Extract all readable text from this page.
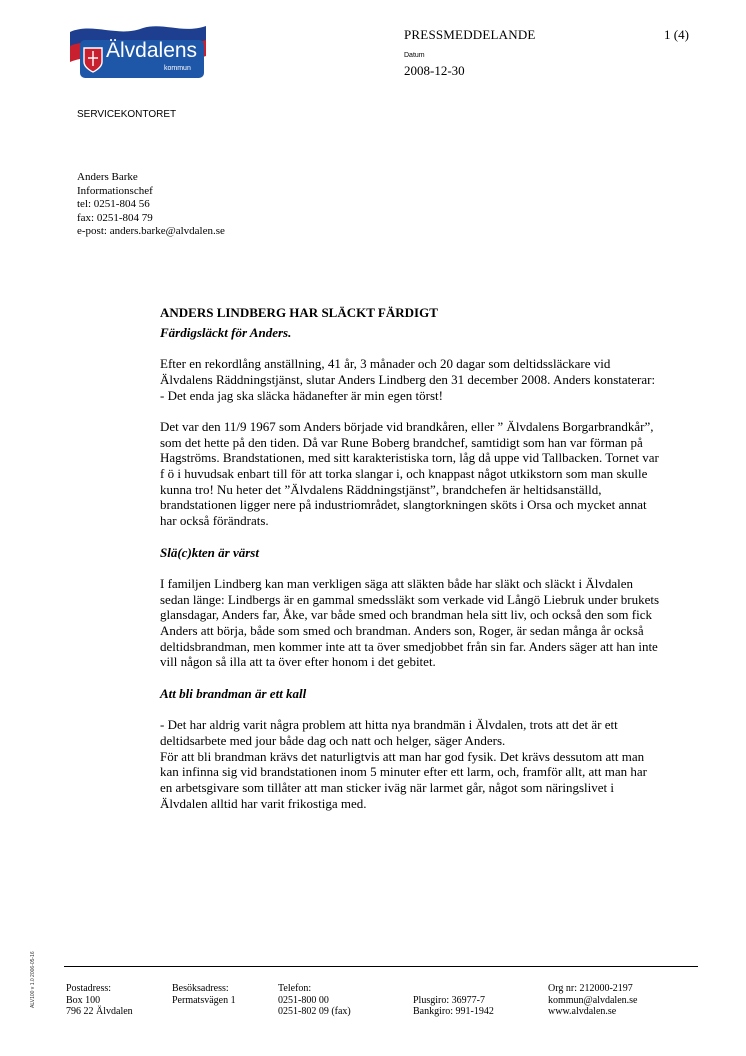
Älvdalens
kommun
PRESSMEDDELANDE	1 (4)
Datum
2008-12-30
SERVICEKONTORET
Anders Barke
Informationschef
tel: 0251-804 56
fax: 0251-804 79
e-post: anders.barke@alvdalen.se

ANDERS LINDBERG HAR SLÄCKT FÄRDIGT

Färdigsläckt för Anders.

Efter en rekordlång anställning, 41 år, 3 månader och 20 dagar som deltidssläckare vid Älvdalens Räddningstjänst, slutar Anders Lindberg den 31 december 2008. Anders konstaterar:

- Det enda jag ska släcka hädanefter är min egen törst!

Det var den 11/9 1967 som Anders började vid brandkåren, eller ” Älvdalens Borgarbrandkår”, som det hette på den tiden. Då var Rune Boberg brandchef, samtidigt som han var förman på Hagströms. Brandstationen, med sitt karakteristiska torn, låg då uppe vid Tallbacken. Tornet var f ö i huvudsak enbart till för att torka slangar i, och knappast något utkikstorn som man skulle kunna tro! Nu heter det ”Älvdalens Räddningstjänst”, brandchefen är heltidsanställd, brandstationen ligger nere på industriområdet, slangtorkningen sköts i Orsa och mycket annat har också förändrats.

Slä(c)kten är värst

I familjen Lindberg kan man verkligen säga att släkten både har släkt och släckt i Älvdalen sedan länge: Lindbergs är en gammal smedssläkt som verkade vid Långö Liebruk under brukets glansdagar, Anders far, Åke, var både smed och brandman hela sitt liv, och också den som fick Anders att börja, både som smed och brandman. Anders son, Roger, är sedan många år också deltidsbrandman, men kommer inte att ta över smedjobbet från sin far. Anders säger att han inte vill någon så illa att ta över efter honom i det gebitet.

Att bli brandman är ett kall

- Det har aldrig varit några problem att hitta nya brandmän i Älvdalen, trots att det är ett deltidsarbete med jour både dag och natt och helger, säger Anders.

För att bli brandman krävs det naturligtvis att man har god fysik. Det krävs dessutom att man kan infinna sig vid brandstationen inom 5 minuter efter ett larm, och, framför allt, att man har en arbetsgivare som tillåter att man sticker iväg när larmet går, något som näringslivet i Älvdalen alltid har varit frikostiga med.

ALV100 v 1.0 2006-05-16	Postadress:
Box 100
796 22 Älvdalen
Besöksadress:
Permatsvägen 1
Telefon:
0251-800 00
0251-802 09 (fax)
Plusgiro: 36977-7
Bankgiro: 991-1942
Org nr: 212000-2197
kommun@alvdalen.se
www.alvdalen.se
